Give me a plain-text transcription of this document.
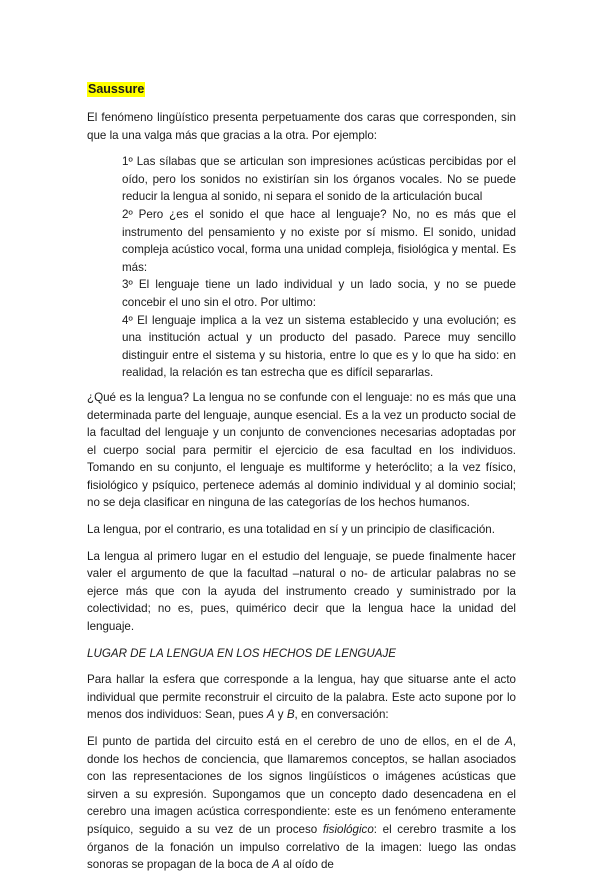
Saussure

El fenómeno lingüístico presenta perpetuamente dos caras que corresponden, sin que la una valga más que gracias a la otra. Por ejemplo:

1º Las sílabas que se articulan son impresiones acústicas percibidas por el oído, pero los sonidos no existirían sin los órganos vocales. No se puede reducir la lengua al sonido, ni separa el sonido de la articulación bucal

2º Pero ¿es el sonido el que hace al lenguaje? No, no es más que el instrumento del pensamiento y no existe por sí mismo. El sonido, unidad compleja acústico vocal, forma una unidad compleja, fisiológica y mental. Es más:

3º El lenguaje tiene un lado individual y un lado socia, y no se puede concebir el uno sin el otro. Por ultimo:

4º El lenguaje implica a la vez un sistema establecido y una evolución; es una institución actual y un producto del pasado. Parece muy sencillo distinguir entre el sistema y su historia, entre lo que es y lo que ha sido: en realidad, la relación es tan estrecha que es difícil separarlas.

¿Qué es la lengua? La lengua no se confunde con el lenguaje: no es más que una determinada parte del lenguaje, aunque esencial. Es a la vez un producto social de la facultad del lenguaje y un conjunto de convenciones necesarias adoptadas por el cuerpo social para permitir el ejercicio de esa facultad en los individuos. Tomando en su conjunto, el lenguaje es multiforme y heteróclito; a la vez físico, fisiológico y psíquico, pertenece además al dominio individual y al dominio social; no se deja clasificar en ninguna de las categorías de los hechos humanos.

La lengua, por el contrario, es una totalidad en sí y un principio de clasificación.

La lengua al primero lugar en el estudio del lenguaje, se puede finalmente hacer valer el argumento de que la facultad –natural o no- de articular palabras no se ejerce más que con la ayuda del instrumento creado y suministrado por la colectividad; no es, pues, quimérico decir que la lengua hace la unidad del lenguaje.

LUGAR DE LA LENGUA EN LOS HECHOS DE LENGUAJE

Para hallar la esfera que corresponde a la lengua, hay que situarse ante el acto individual que permite reconstruir el circuito de la palabra. Este acto supone por lo menos dos individuos: Sean, pues A y B, en conversación:

El punto de partida del circuito está en el cerebro de uno de ellos, en el de A, donde los hechos de conciencia, que llamaremos conceptos, se hallan asociados con las representaciones de los signos lingüísticos o imágenes acústicas que sirven a su expresión. Supongamos que un concepto dado desencadena en el cerebro una imagen acústica correspondiente: este es un fenómeno enteramente psíquico, seguido a su vez de un proceso fisiológico: el cerebro trasmite a los órganos de la fonación un impulso correlativo de la imagen: luego las ondas sonoras se propagan de la boca de A al oído de
